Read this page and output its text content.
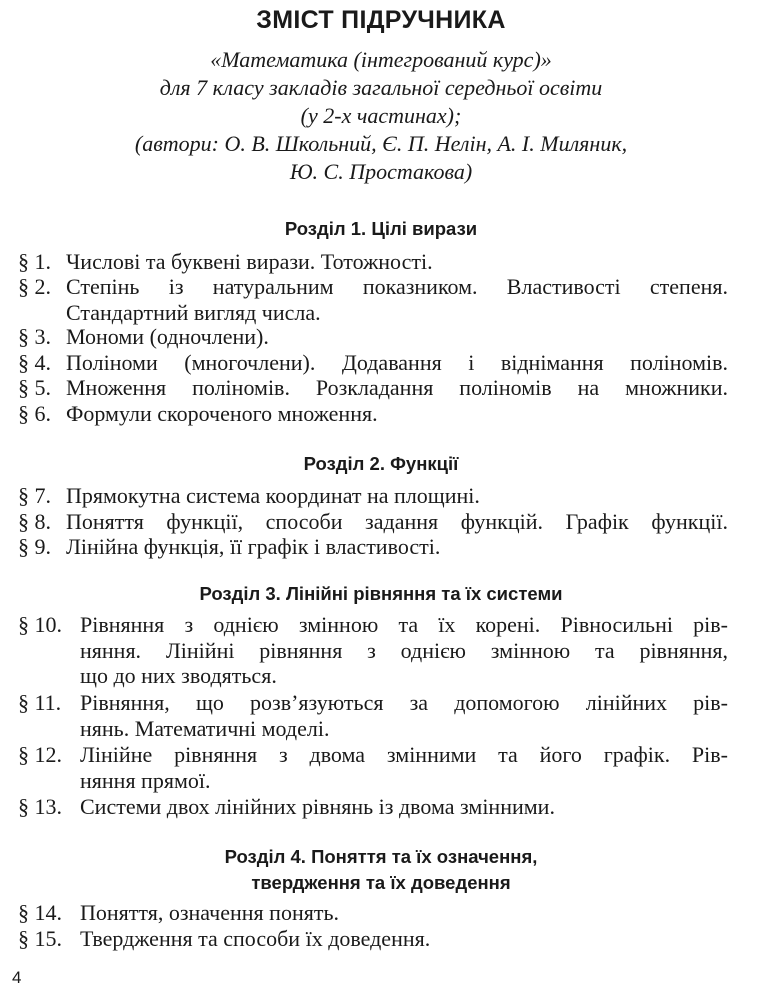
ЗМІСТ ПІДРУЧНИКА
«Математика (інтегрований курс)»
для 7 класу закладів загальної середньої освіти
(у 2-х частинах);
(автори: О. В. Школьний, Є. П. Нелін, А. І. Миляник,
Ю. С. Простакова)
Розділ 1. Цілі вирази
§ 1. Числові та буквені вирази. Тотожності.
§ 2. Степінь із натуральним показником. Властивості степеня.
Стандартний вигляд числа.
§ 3. Мономи (одночлени).
§ 4. Поліноми (многочлени). Додавання і віднімання поліномів.
§ 5. Множення поліномів. Розкладання поліномів на множники.
§ 6. Формули скороченого множення.
Розділ 2. Функції
§ 7. Прямокутна система координат на площині.
§ 8. Поняття функції, способи задання функцій. Графік функції.
§ 9. Лінійна функція, її графік і властивості.
Розділ 3. Лінійні рівняння та їх системи
§ 10. Рівняння з однією змінною та їх корені. Рівносильні рів-
няння. Лінійні рівняння з однією змінною та рівняння,
що до них зводяться.
§ 11. Рівняння, що розв’язуються за допомогою лінійних рів-
нянь. Математичні моделі.
§ 12. Лінійне рівняння з двома змінними та його графік. Рів-
няння прямої.
§ 13. Системи двох лінійних рівнянь із двома змінними.
Розділ 4. Поняття та їх означення,
твердження та їх доведення
§ 14. Поняття, означення понять.
§ 15. Твердження та способи їх доведення.
4
